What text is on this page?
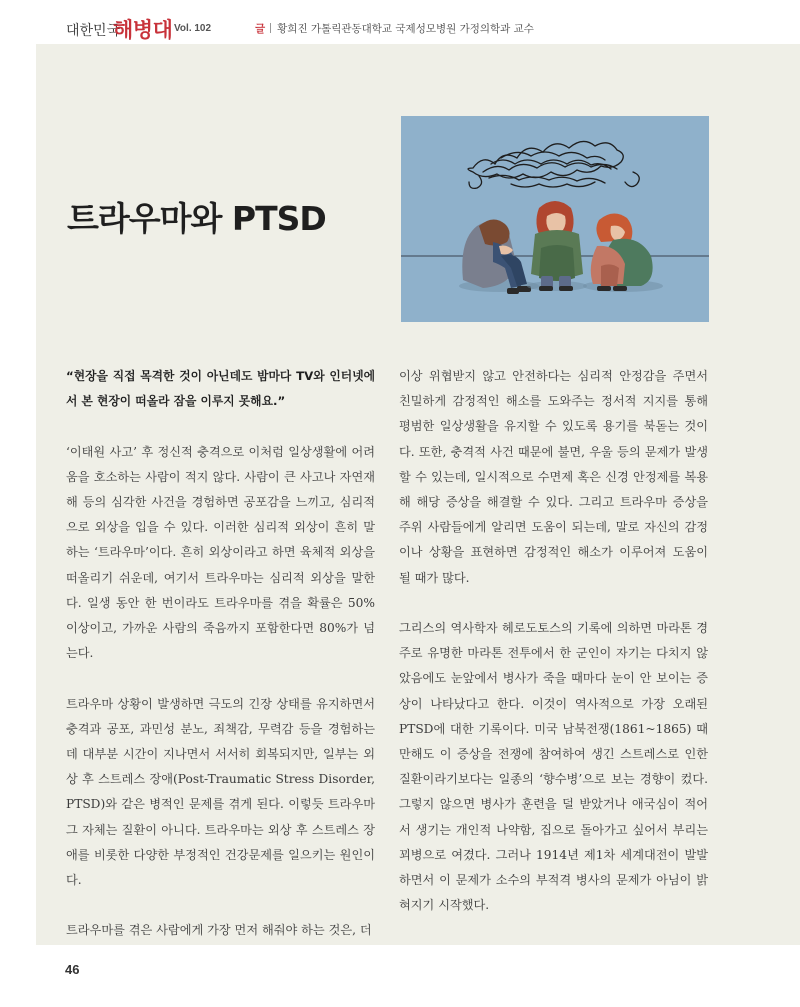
대한민국
해병대 Vol. 102	글 황희진 가톨릭관동대학교 국제성모병원 가정의학과 교수
트라우마와 PTSD

“현장을 직접 목격한 것이 아닌데도 밤마다 TV와 인터넷에서 본 현장이 떠올라 잠을 이루지 못해요.”

‘이태원 사고’ 후 정신적 충격으로 이처럼 일상생활에 어려움을 호소하는 사람이 적지 않다. 사람이 큰 사고나 자연재해 등의 심각한 사건을 경험하면 공포감을 느끼고, 심리적으로 외상을 입을 수 있다. 이러한 심리적 외상이 흔히 말하는 ‘트라우마’이다. 흔히 외상이라고 하면 육체적 외상을 떠올리기 쉬운데, 여기서 트라우마는 심리적 외상을 말한다. 일생 동안 한 번이라도 트라우마를 겪을 확률은 50% 이상이고, 가까운 사람의 죽음까지 포함한다면 80%가 넘는다.

트라우마 상황이 발생하면 극도의 긴장 상태를 유지하면서 충격과 공포, 과민성 분노, 죄책감, 무력감 등을 경험하는데 대부분 시간이 지나면서 서서히 회복되지만, 일부는 외상 후 스트레스 장애(Post-Traumatic Stress Disorder, PTSD)와 같은 병적인 문제를 겪게 된다. 이렇듯 트라우마 그 자체는 질환이 아니다. 트라우마는 외상 후 스트레스 장애를 비롯한 다양한 부정적인 건강문제를 일으키는 원인이다.

트라우마를 겪은 사람에게 가장 먼저 해줘야 하는 것은, 더

이상 위협받지 않고 안전하다는 심리적 안정감을 주면서 친밀하게 감정적인 해소를 도와주는 정서적 지지를 통해 평범한 일상생활을 유지할 수 있도록 용기를 북돋는 것이다. 또한, 충격적 사건 때문에 불면, 우울 등의 문제가 발생할 수 있는데, 일시적으로 수면제 혹은 신경 안정제를 복용해 해당 증상을 해결할 수 있다. 그리고 트라우마 증상을 주위 사람들에게 알리면 도움이 되는데, 말로 자신의 감정이나 상황을 표현하면 감정적인 해소가 이루어져 도움이 될 때가 많다.

그리스의 역사학자 헤로도토스의 기록에 의하면 마라톤 경주로 유명한 마라톤 전투에서 한 군인이 자기는 다치지 않았음에도 눈앞에서 병사가 죽을 때마다 눈이 안 보이는 증상이 나타났다고 한다. 이것이 역사적으로 가장 오래된 PTSD에 대한 기록이다. 미국 남북전쟁(1861~1865) 때만해도 이 증상을 전쟁에 참여하여 생긴 스트레스로 인한 질환이라기보다는 일종의 ‘향수병’으로 보는 경향이 컸다. 그렇지 않으면 병사가 훈련을 덜 받았거나 애국심이 적어서 생기는 개인적 나약함, 집으로 돌아가고 싶어서 부리는 꾀병으로 여겼다. 그러나 1914년 제1차 세계대전이 발발하면서 이 문제가 소수의 부적격 병사의 문제가 아님이 밝혀지기 시작했다.

46
